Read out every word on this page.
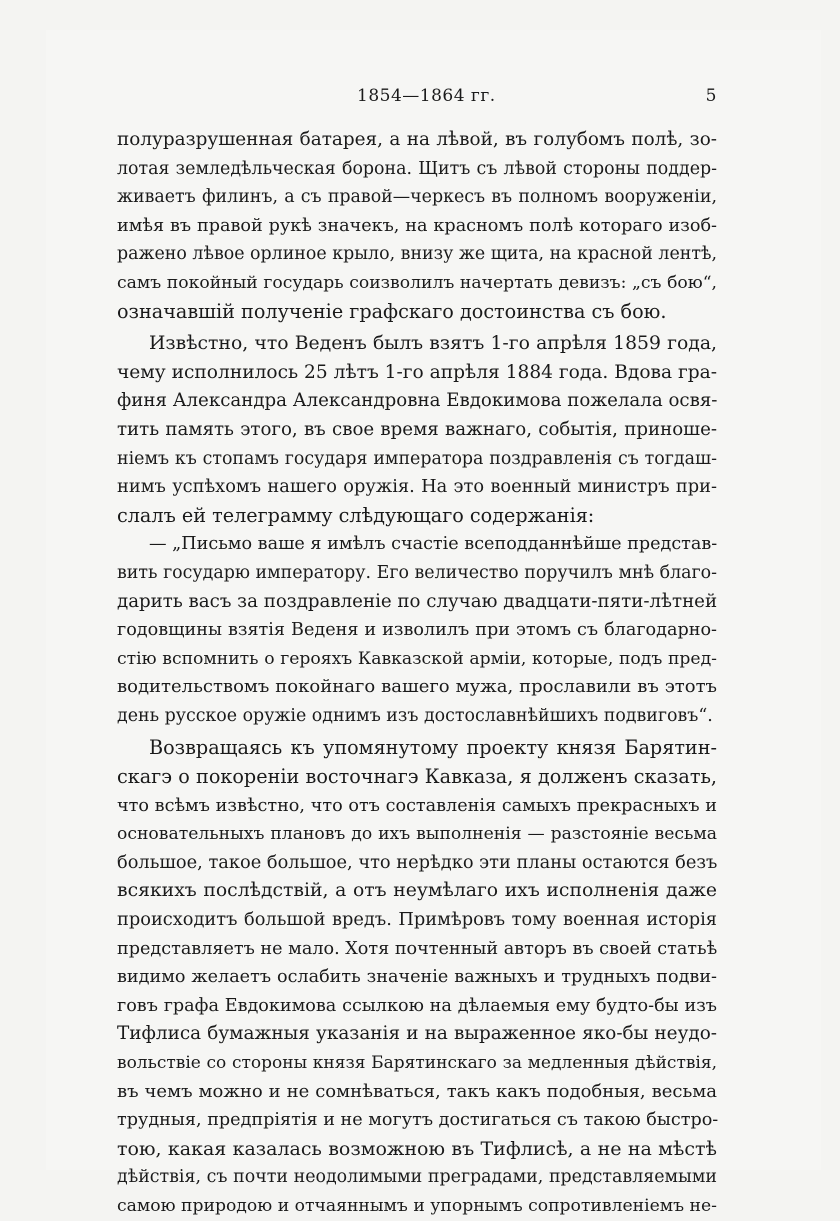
1854—1864 гг.	5
полуразрушенная батарея, а на лѣвой, въ голубомъ полѣ, зо-
лотая земледѣльческая борона. Щитъ съ лѣвой стороны поддер-
живаетъ филинъ, а съ правой—черкесъ въ полномъ вооруженіи,
имѣя въ правой рукѣ значекъ, на красномъ полѣ котораго изоб-
ражено лѣвое орлиное крыло, внизу же щита, на красной лентѣ,
самъ покойный государь соизволилъ начертать девизъ: „съ бою“,
означавшій полученіе графскаго достоинства съ бою.
Извѣстно, что Веденъ былъ взятъ 1-го апрѣля 1859 года,
чему исполнилось 25 лѣтъ 1-го апрѣля 1884 года. Вдова гра-
финя Александра Александровна Евдокимова пожелала освя-
тить память этого, въ свое время важнаго, событія, приноше-
ніемъ къ стопамъ государя императора поздравленія съ тогдаш-
нимъ успѣхомъ нашего оружія. На это военный министръ при-
слалъ ей телеграмму слѣдующаго содержанія:
— „Письмо ваше я имѣлъ счастіе всеподданнѣйше представ-
вить государю императору. Его величество поручилъ мнѣ благо-
дарить васъ за поздравленіе по случаю двадцати-пяти-лѣтней
годовщины взятія Веденя и изволилъ при этомъ съ благодарно-
стію вспомнить о герояхъ Кавказской арміи, которые, подъ пред-
водительствомъ покойнаго вашего мужа, прославили въ этотъ
день русское оружіе однимъ изъ достославнѣйшихъ подвиговъ“.
Возвращаясь къ упомянутому проекту князя Барятин-
скагэ о покореніи восточнагэ Кавказа, я долженъ сказать,
что всѣмъ извѣстно, что отъ составленія самыхъ прекрасныхъ и
основательныхъ плановъ до ихъ выполненія — разстояніе весьма
большое, такое большое, что нерѣдко эти планы остаются безъ
всякихъ послѣдствій, а отъ неумѣлаго ихъ исполненія даже
происходитъ большой вредъ. Примѣровъ тому военная исторія
представляетъ не мало. Хотя почтенный авторъ въ своей статьѣ
видимо желаетъ ослабить значеніе важныхъ и трудныхъ подви-
говъ графа Евдокимова ссылкою на дѣлаемыя ему будто-бы изъ
Тифлиса бумажныя указанія и на выраженное яко-бы неудо-
вольствіе со стороны князя Барятинскаго за медленныя дѣйствія,
въ чемъ можно и не сомнѣваться, такъ какъ подобныя, весьма
трудныя, предпріятія и не могутъ достигаться съ такою быстро-
тою, какая казалась возможною въ Тифлисѣ, а не на мѣстѣ
дѣйствія, съ почти неодолимыми преградами, представляемыми
самою природою и отчаяннымъ и упорнымъ сопротивленіемъ не-
